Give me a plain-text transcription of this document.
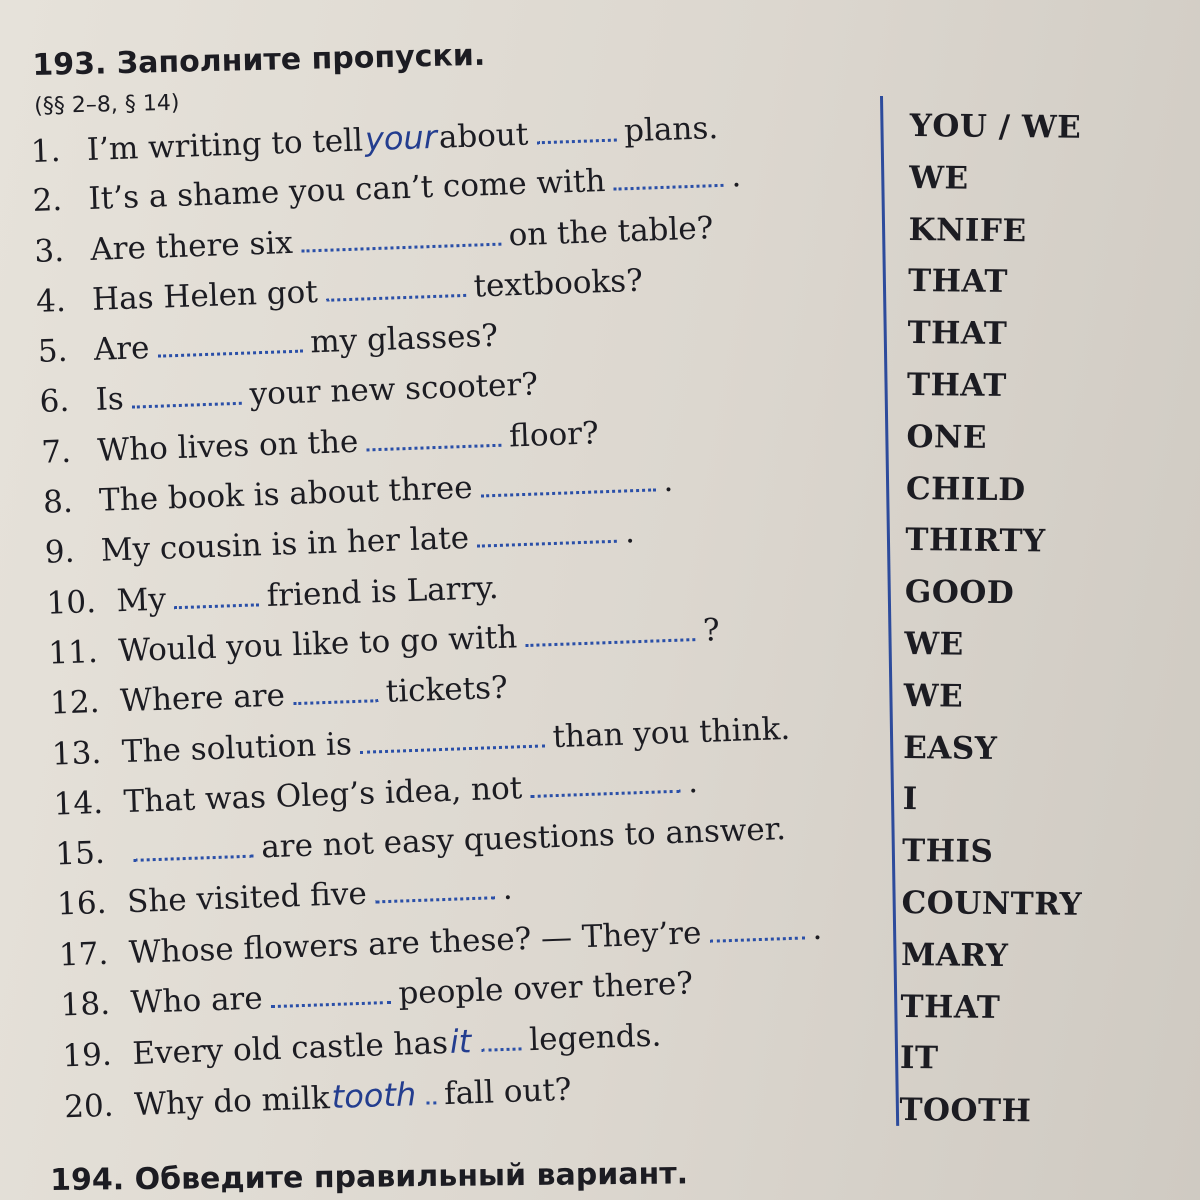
193. Заполните пропуски.
(§§ 2–8, § 14)
1. I’m writing to tellyourabout	plans.
2. It’s a shame you can’t come with	.
3. Are there six	on the table?
4. Has Helen got	textbooks?
5. Are	my glasses?
6. Is	your new scooter?
7. Who lives on the	floor?
8. The book is about three	.
9. My cousin is in her late	.
10. My	friend is Larry.
11. Would you like to go with	?
12. Where are	tickets?
13. The solution is	than you think.
14. That was Oleg’s idea, not	.
15.	are not easy questions to answer.
16. She visited five	.
17. Whose flowers are these? — They’re	.
18. Who are	people over there?
19. Every old castle hasit legends.
20. Why do milktooth fall out?
YOU / WE
WE
KNIFE
THAT
THAT
THAT
ONE
CHILD
THIRTY
GOOD
WE
WE
EASY
I
THIS
COUNTRY
MARY
THAT
IT
TOOTH
194. Обведите правильный вариант.
